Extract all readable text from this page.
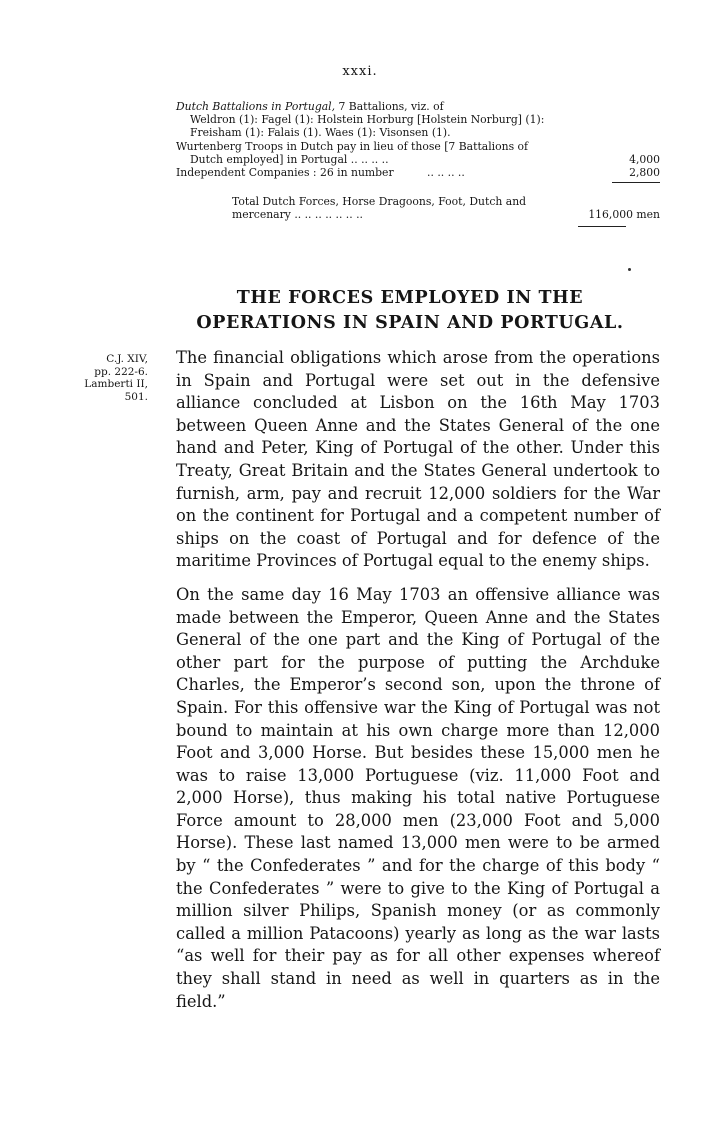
xxxi.
Dutch Battalions in Portugal, 7 Battalions, viz. of
Weldron (1): Fagel (1): Holstein Horburg [Holstein Norburg] (1): Freisham (1): Falais (1). Waes (1): Visonsen (1).
Wurtenberg Troops in Dutch pay in lieu of those [7 Battalions of Dutch employed] in Portugal .. .. .. ..	4,000
Independent Companies : 26 in number	.. .. .. ..	2,800
Total Dutch Forces, Horse Dragoons, Foot, Dutch and mercenary .. .. .. .. .. .. ..	116,000 men
THE FORCES EMPLOYED IN THE
OPERATIONS IN SPAIN AND PORTUGAL.
C.J. XIV,
pp. 222-6.
Lamberti II,
501.

The financial obligations which arose from the operations in Spain and Portugal were set out in the defensive alliance concluded at Lisbon on the 16th May 1703 between Queen Anne and the States General of the one hand and Peter, King of Portugal of the other. Under this Treaty, Great Britain and the States General undertook to furnish, arm, pay and recruit 12,000 soldiers for the War on the continent for Portugal and a competent number of ships on the coast of Portugal and for defence of the maritime Provinces of Portugal equal to the enemy ships.

On the same day 16 May 1703 an offensive alliance was made between the Emperor, Queen Anne and the States General of the one part and the King of Portugal of the other part for the purpose of putting the Archduke Charles, the Emperor’s second son, upon the throne of Spain. For this offensive war the King of Portugal was not bound to maintain at his own charge more than 12,000 Foot and 3,000 Horse. But besides these 15,000 men he was to raise 13,000 Portuguese (viz. 11,000 Foot and 2,000 Horse), thus making his total native Portuguese Force amount to 28,000 men (23,000 Foot and 5,000 Horse). These last named 13,000 men were to be armed by “ the Confederates ” and for the charge of this body “ the Confederates ” were to give to the King of Portugal a million silver Philips, Spanish money (or as commonly called a million Patacoons) yearly as long as the war lasts “as well for their pay as for all other expenses whereof they shall stand in need as well in quarters as in the field.”
